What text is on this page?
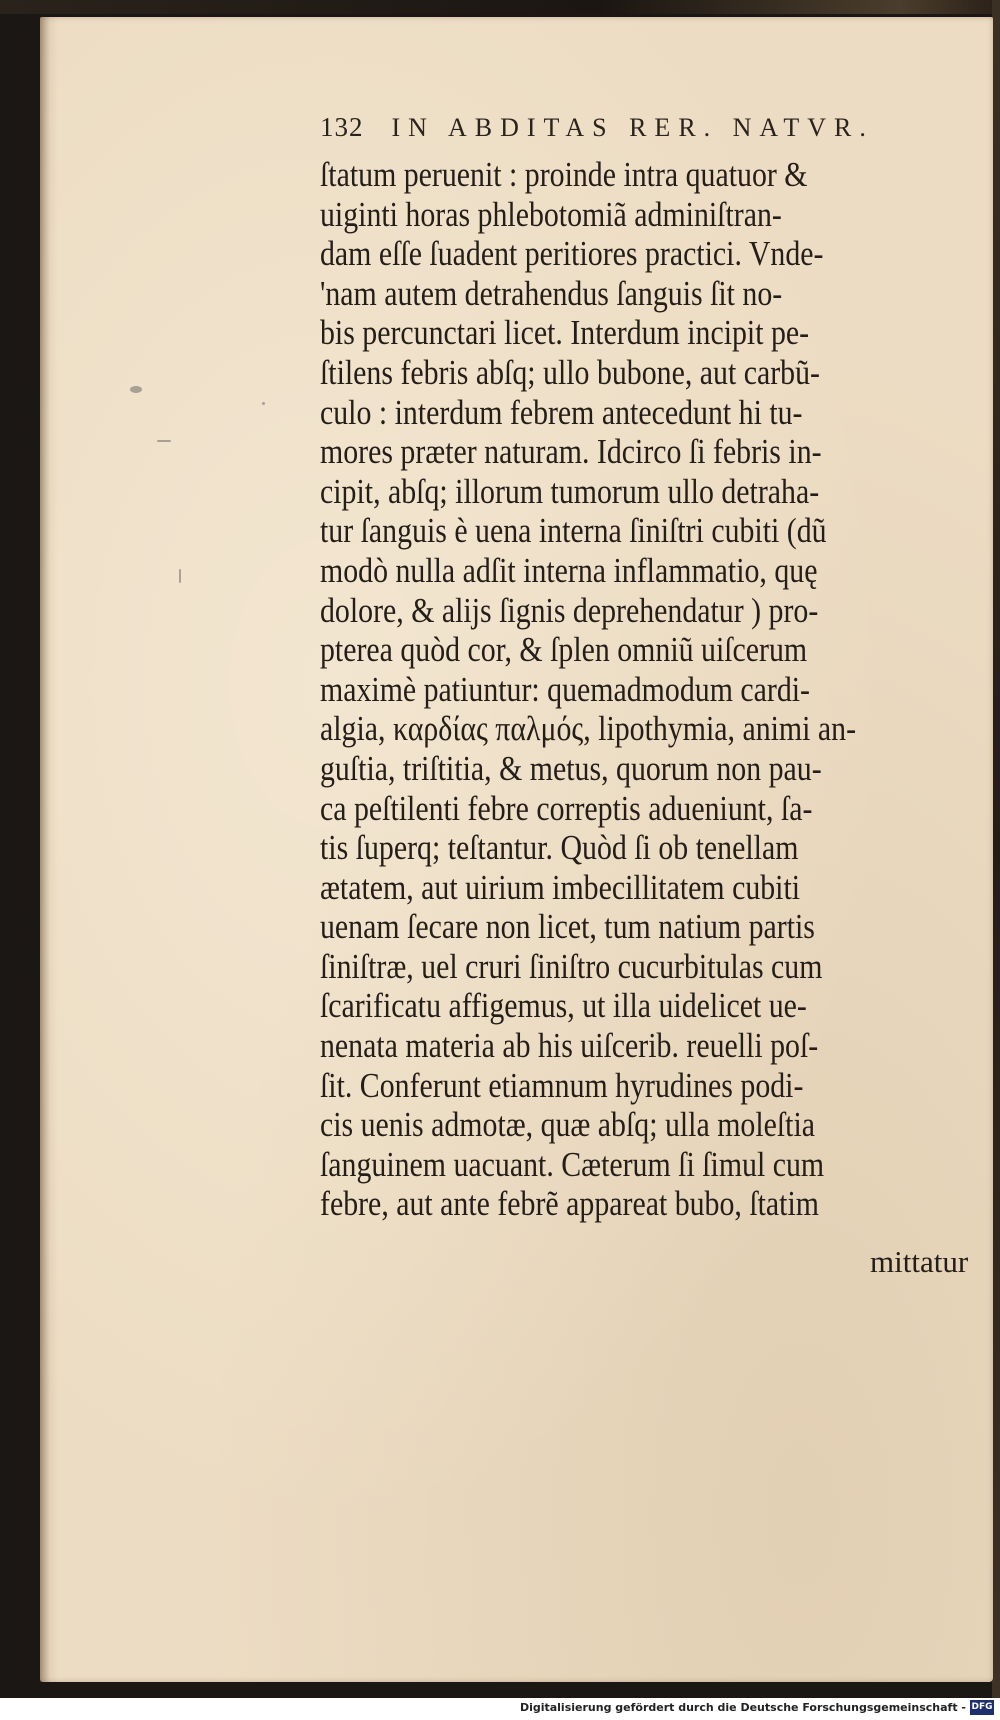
132 IN ABDITAS RER. NATVR.
ſtatum peruenit : proinde intra quatuor &
uiginti horas phlebotomiã adminiſtran-
dam eſſe ſuadent peritiores practici. Vnde-
'nam autem detrahendus ſanguis ſit no-
bis percunctari licet. Interdum incipit pe-
ſtilens febris abſq; ullo bubone, aut carbũ-
culo : interdum febrem antecedunt hi tu-
mores præter naturam. Idcirco ſi febris in-
cipit, abſq; illorum tumorum ullo detraha-
tur ſanguis è uena interna ſiniſtri cubiti (dũ
modò nulla adſit interna inflammatio, quę
dolore, & alijs ſignis deprehendatur ) pro-
pterea quòd cor, & ſplen omniũ uiſcerum
maximè patiuntur: quemadmodum cardi-
algia, καρδίας παλμός, lipothymia, animi an-
guſtia, triſtitia, & metus, quorum non pau-
ca peſtilenti febre correptis adueniunt, ſa-
tis ſuperq; teſtantur. Quòd ſi ob tenellam
ætatem, aut uirium imbecillitatem cubiti
uenam ſecare non licet, tum natium partis
ſiniſtræ, uel cruri ſiniſtro cucurbitulas cum
ſcarificatu affigemus, ut illa uidelicet ue-
nenata materia ab his uiſcerib. reuelli poſ-
ſit. Conferunt etiamnum hyrudines podi-
cis uenis admotæ, quæ abſq; ulla moleſtia
ſanguinem uacuant. Cæterum ſi ſimul cum
febre, aut ante febrẽ appareat bubo, ſtatim
mittatur
Digitalisierung gefördert durch die Deutsche Forschungsgemeinschaft - DFG
